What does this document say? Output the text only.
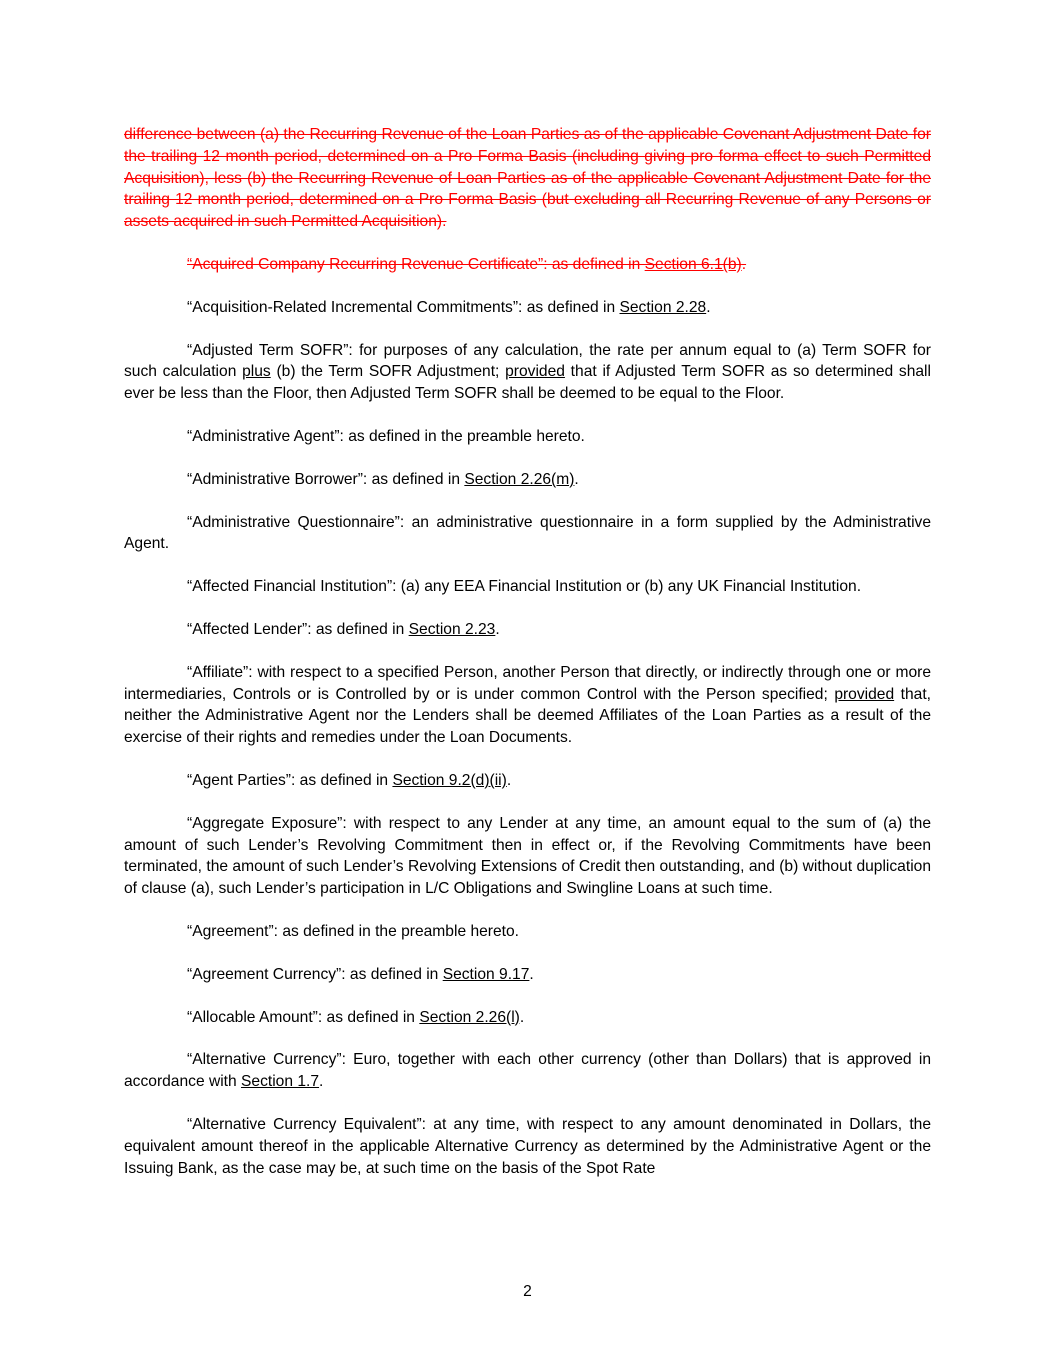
difference between (a) the Recurring Revenue of the Loan Parties as of the applicable Covenant Adjustment Date for the trailing 12 month period, determined on a Pro Forma Basis (including giving pro forma effect to such Permitted Acquisition), less (b) the Recurring Revenue of Loan Parties as of the applicable Covenant Adjustment Date for the trailing 12 month period, determined on a Pro Forma Basis (but excluding all Recurring Revenue of any Persons or assets acquired in such Permitted Acquisition).

“Acquired Company Recurring Revenue Certificate”: as defined in Section 6.1(b).

“Acquisition-Related Incremental Commitments”: as defined in Section 2.28.

“Adjusted Term SOFR”: for purposes of any calculation, the rate per annum equal to (a) Term SOFR for such calculation plus (b) the Term SOFR Adjustment; provided that if Adjusted Term SOFR as so determined shall ever be less than the Floor, then Adjusted Term SOFR shall be deemed to be equal to the Floor.

“Administrative Agent”: as defined in the preamble hereto.

“Administrative Borrower”: as defined in Section 2.26(m).

“Administrative Questionnaire”: an administrative questionnaire in a form supplied by the Administrative Agent.

“Affected Financial Institution”: (a) any EEA Financial Institution or (b) any UK Financial Institution.

“Affected Lender”: as defined in Section 2.23.

“Affiliate”: with respect to a specified Person, another Person that directly, or indirectly through one or more intermediaries, Controls or is Controlled by or is under common Control with the Person specified; provided that, neither the Administrative Agent nor the Lenders shall be deemed Affiliates of the Loan Parties as a result of the exercise of their rights and remedies under the Loan Documents.

“Agent Parties”: as defined in Section 9.2(d)(ii).

“Aggregate Exposure”: with respect to any Lender at any time, an amount equal to the sum of (a) the amount of such Lender’s Revolving Commitment then in effect or, if the Revolving Commitments have been terminated, the amount of such Lender’s Revolving Extensions of Credit then outstanding, and (b) without duplication of clause (a), such Lender’s participation in L/C Obligations and Swingline Loans at such time.

“Agreement”: as defined in the preamble hereto.

“Agreement Currency”: as defined in Section 9.17.

“Allocable Amount”: as defined in Section 2.26(l).

“Alternative Currency”: Euro, together with each other currency (other than Dollars) that is approved in accordance with Section 1.7.

“Alternative Currency Equivalent”: at any time, with respect to any amount denominated in Dollars, the equivalent amount thereof in the applicable Alternative Currency as determined by the Administrative Agent or the Issuing Bank, as the case may be, at such time on the basis of the Spot Rate

2
